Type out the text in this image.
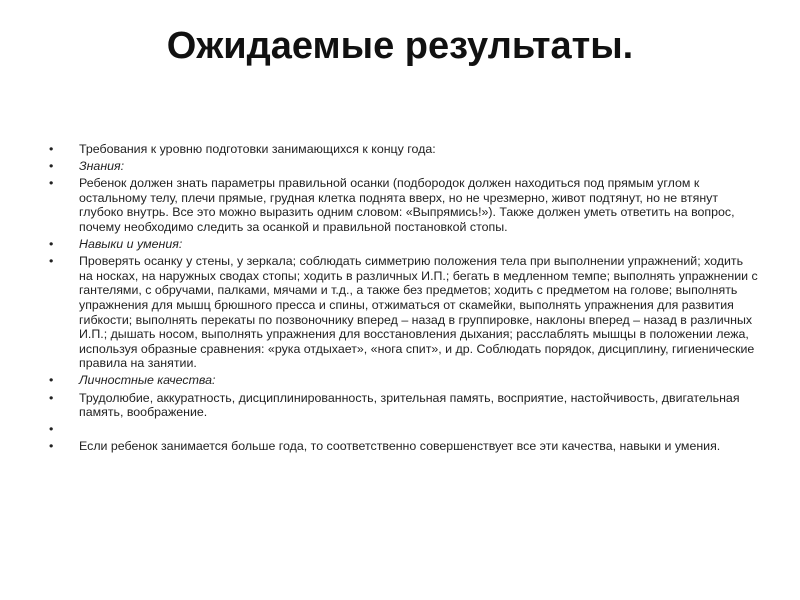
Ожидаемые результаты.
•	Требования к уровню подготовки занимающихся к концу года:
•	Знания:
•	Ребенок должен знать параметры правильной осанки (подбородок должен находиться под прямым углом к остальному телу, плечи прямые, грудная клетка поднята вверх, но не чрезмерно, живот подтянут, но не втянут глубоко внутрь. Все это можно выразить одним словом: «Выпрямись!»). Также должен уметь ответить на вопрос, почему необходимо следить за осанкой и правильной постановкой стопы.
•	Навыки и умения:
•	Проверять осанку у стены, у зеркала; соблюдать симметрию положения тела при выполнении упражнений; ходить на носках, на наружных сводах стопы; ходить в различных И.П.; бегать в медленном темпе; выполнять упражнении с гантелями, с обручами, палками, мячами и т.д., а также без предметов; ходить с предметом на голове; выполнять упражнения для мышц брюшного пресса и спины, отжиматься от скамейки, выполнять упражнения для развития гибкости; выполнять перекаты по позвоночнику вперед – назад в группировке, наклоны вперед – назад в различных И.П.; дышать носом, выполнять упражнения для восстановления дыхания; расслаблять мышцы в положении лежа, используя образные сравнения: «рука отдыхает», «нога спит», и др. Соблюдать порядок, дисциплину, гигиенические правила на занятии.
•	Личностные качества:
•	Трудолюбие, аккуратность, дисциплинированность, зрительная память, восприятие, настойчивость, двигательная память, воображение.
•
•	Если ребенок занимается больше года, то соответственно совершенствует все эти качества, навыки и умения.
